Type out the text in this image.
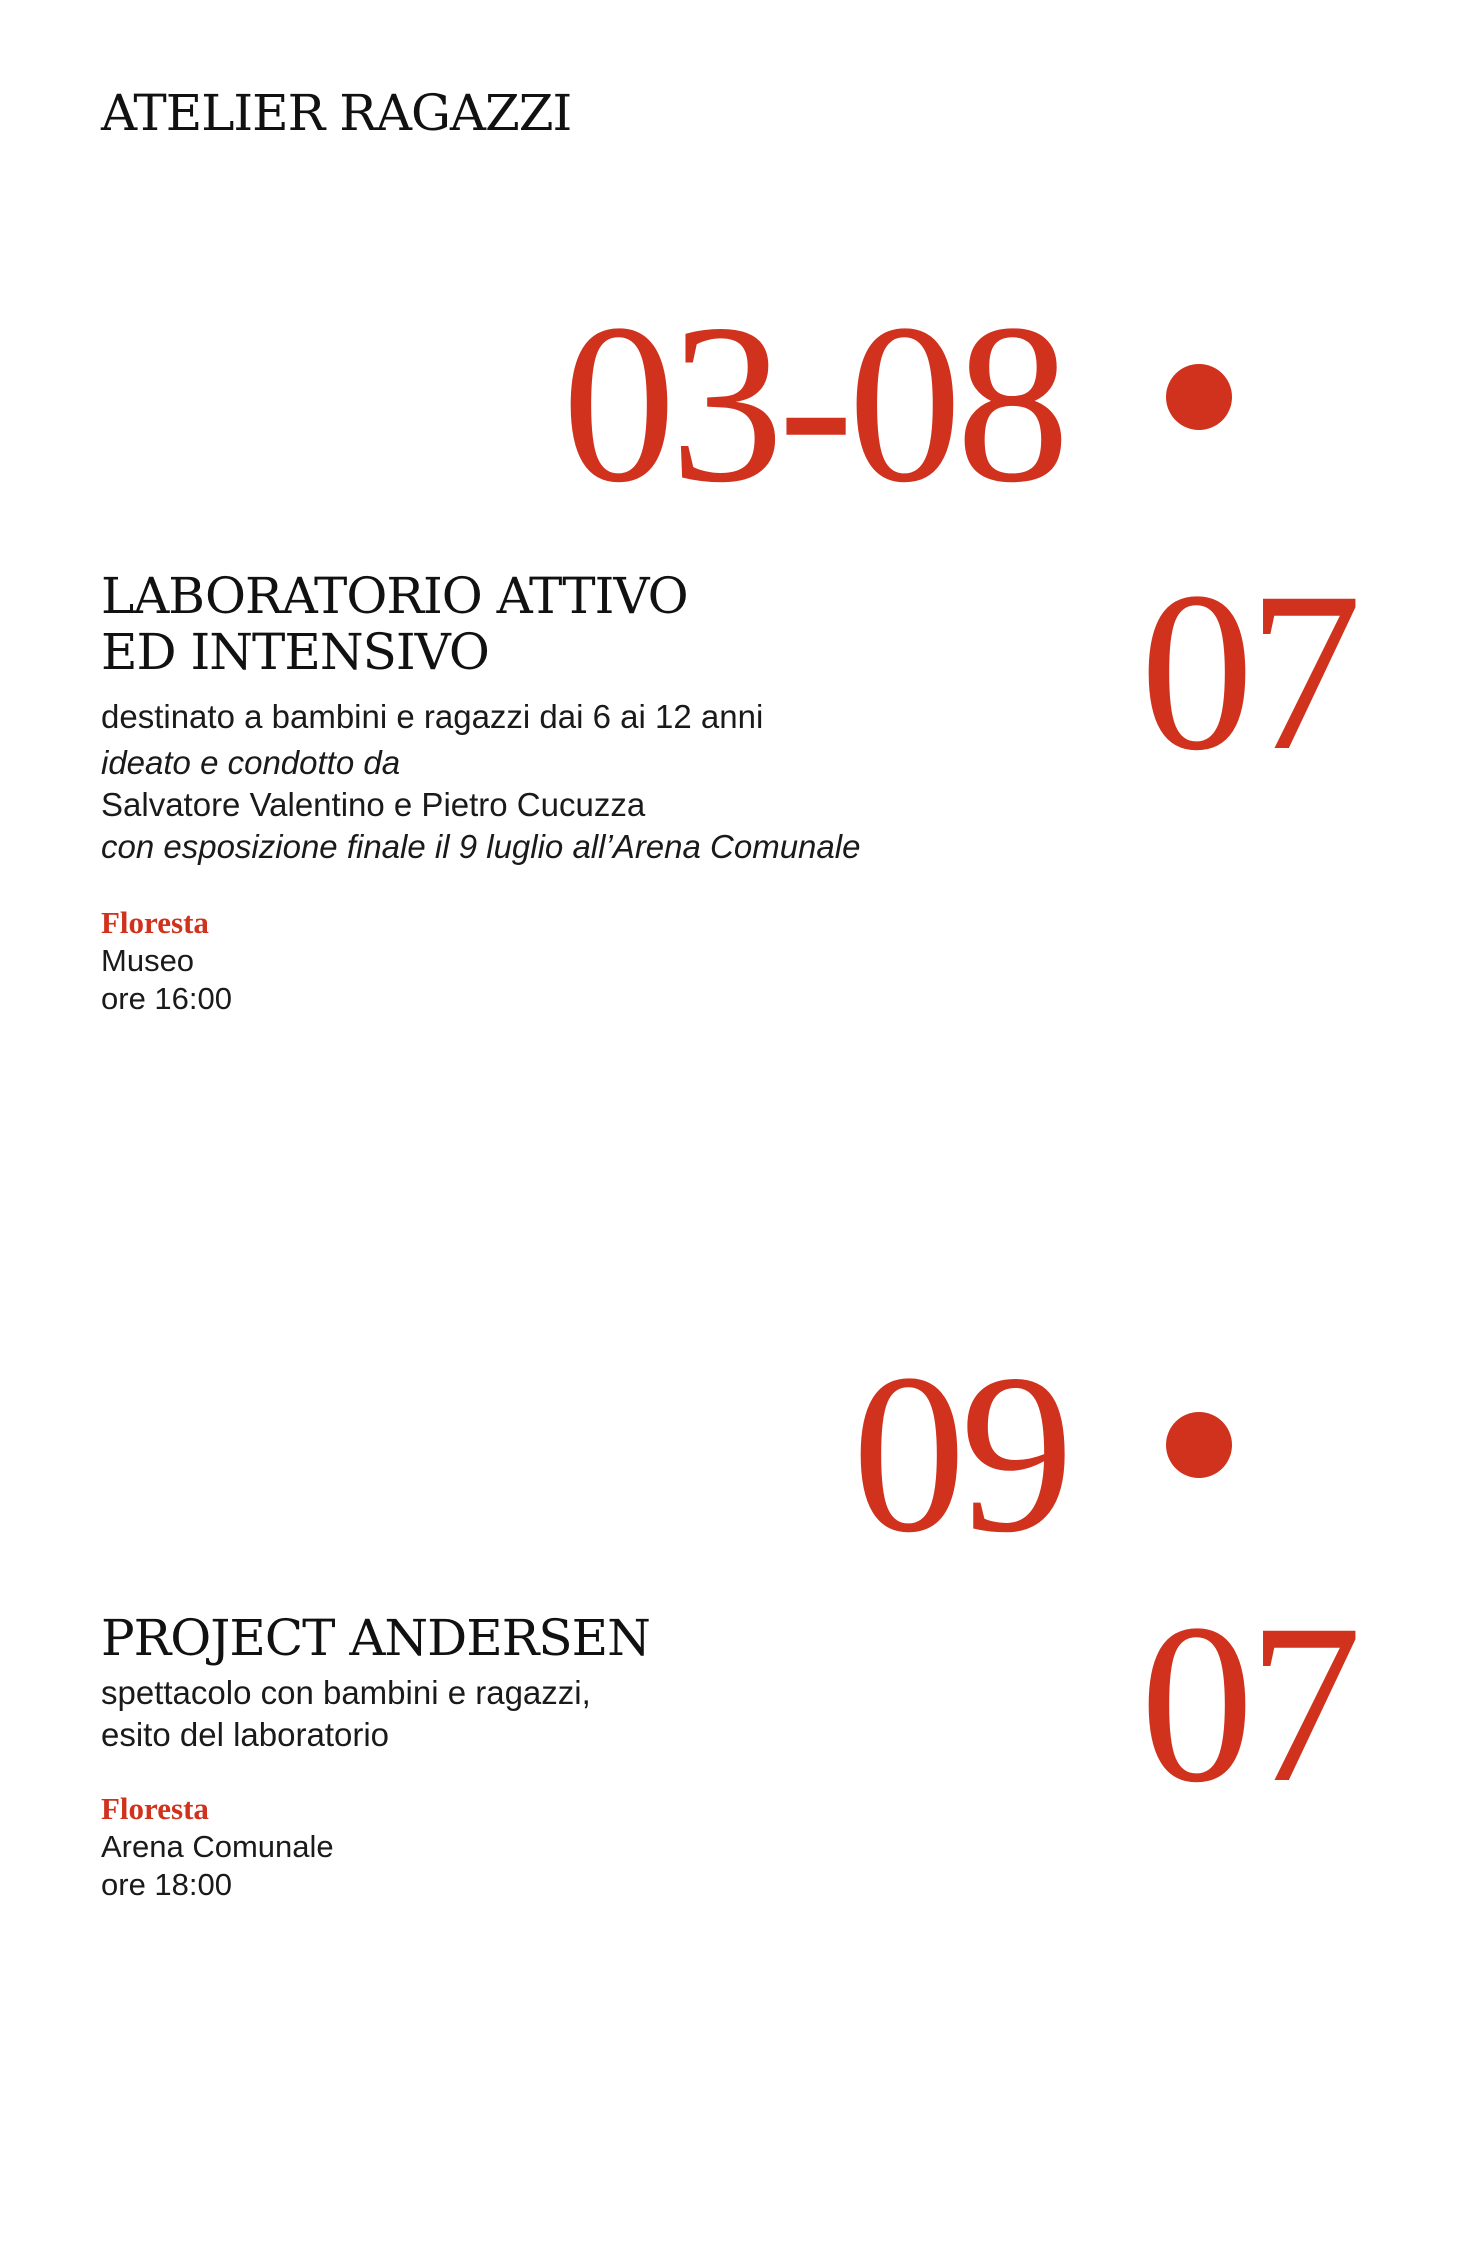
ATELIER RAGAZZI
03-08
07
LABORATORIO ATTIVO
ED INTENSIVO
destinato a bambini e ragazzi dai 6 ai 12 anni
ideato e condotto da
Salvatore Valentino e Pietro Cucuzza
con esposizione finale il 9 luglio all’Arena Comunale
Floresta
Museo
ore 16:00
09
07
PROJECT ANDERSEN
spettacolo con bambini e ragazzi,
esito del laboratorio
Floresta
Arena Comunale
ore 18:00
